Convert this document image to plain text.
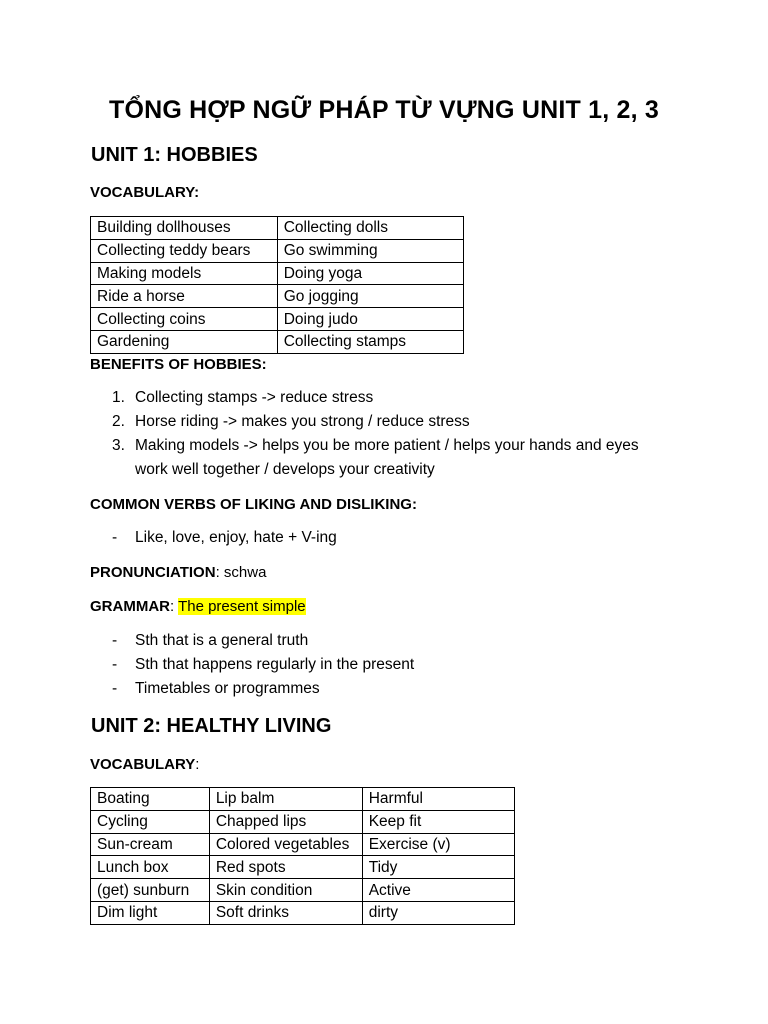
TỔNG HỢP NGỮ PHÁP TỪ VỰNG UNIT 1, 2, 3
UNIT 1: HOBBIES
VOCABULARY:
Building dollhouses	Collecting dolls
Collecting teddy bears	Go swimming
Making models	Doing yoga
Ride a horse	Go jogging
Collecting coins	Doing judo
Gardening	Collecting stamps
BENEFITS OF HOBBIES:
1. Collecting stamps -> reduce stress
2. Horse riding -> makes you strong / reduce stress
3. Making models -> helps you be more patient / helps your hands and eyes work well together / develops your creativity
COMMON VERBS OF LIKING AND DISLIKING:
- Like, love, enjoy, hate + V-ing
PRONUNCIATION: schwa
GRAMMAR: The present simple
- Sth that is a general truth
- Sth that happens regularly in the present
- Timetables or programmes
UNIT 2: HEALTHY LIVING
VOCABULARY:
Boating	Lip balm	Harmful
Cycling	Chapped lips	Keep fit
Sun-cream	Colored vegetables	Exercise (v)
Lunch box	Red spots	Tidy
(get) sunburn	Skin condition	Active
Dim light	Soft drinks	dirty
